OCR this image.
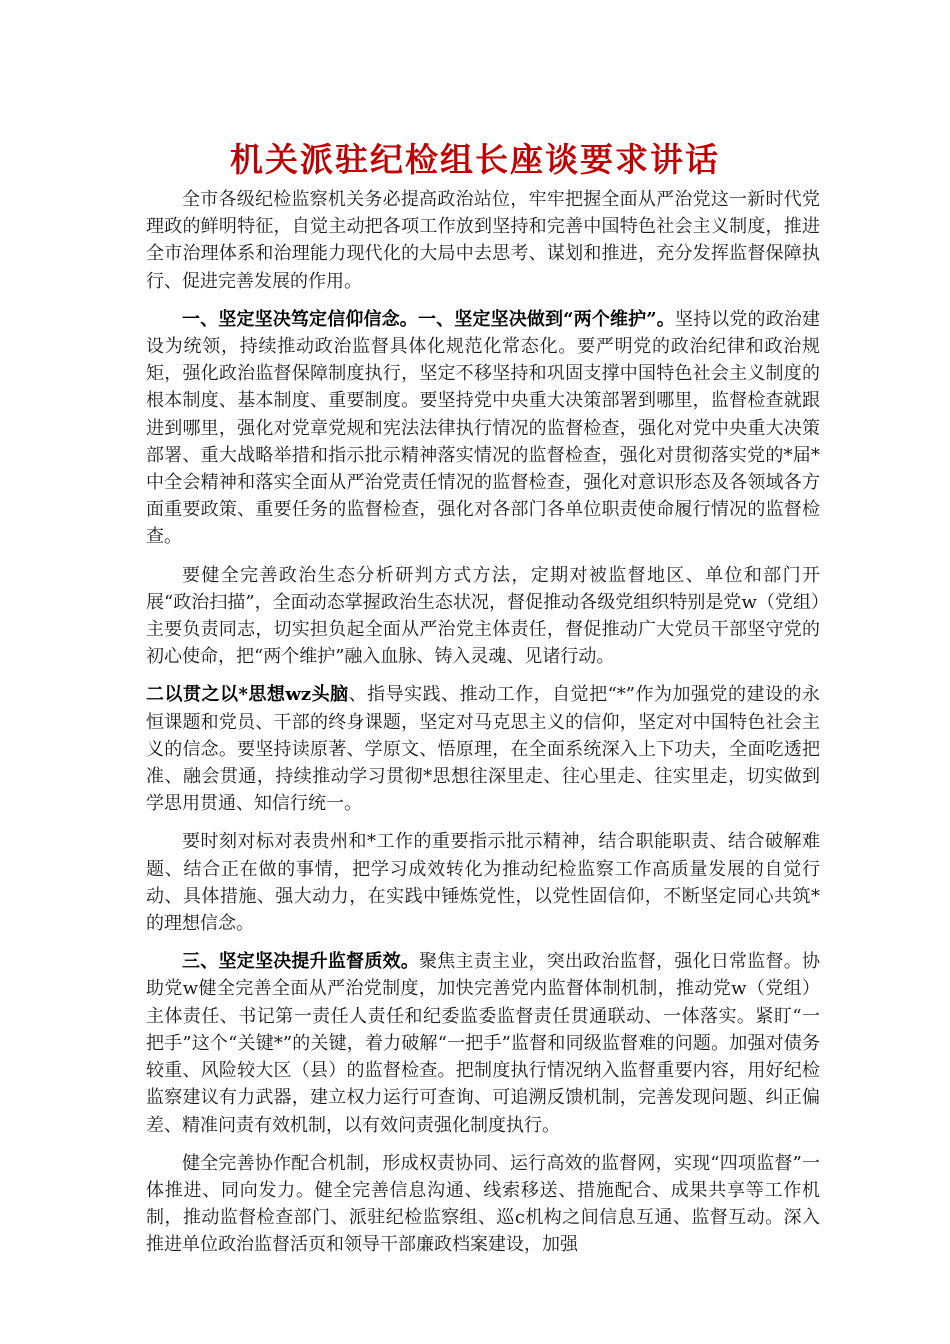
机关派驻纪检组长座谈要求讲话

全市各级纪检监察机关务必提高政治站位，牢牢把握全面从严治党这一新时代党理政的鲜明特征，自觉主动把各项工作放到坚持和完善中国特色社会主义制度，推进全市治理体系和治理能力现代化的大局中去思考、谋划和推进，充分发挥监督保障执行、促进完善发展的作用。

一、坚定坚决笃定信仰信念。一、坚定坚决做到“两个维护”。坚持以党的政治建设为统领，持续推动政治监督具体化规范化常态化。要严明党的政治纪律和政治规矩，强化政治监督保障制度执行，坚定不移坚持和巩固支撑中国特色社会主义制度的根本制度、基本制度、重要制度。要坚持党中央重大决策部署到哪里，监督检查就跟进到哪里，强化对党章党规和宪法法律执行情况的监督检查，强化对党中央重大决策部署、重大战略举措和指示批示精神落实情况的监督检查，强化对贯彻落实党的*届*中全会精神和落实全面从严治党责任情况的监督检查，强化对意识形态及各领域各方面重要政策、重要任务的监督检查，强化对各部门各单位职责使命履行情况的监督检查。

要健全完善政治生态分析研判方式方法，定期对被监督地区、单位和部门开展“政治扫描”，全面动态掌握政治生态状况，督促推动各级党组织特别是党w（党组）主要负责同志，切实担负起全面从严治党主体责任，督促推动广大党员干部坚守党的初心使命，把“两个维护”融入血脉、铸入灵魂、见诸行动。

二以贯之以*思想wz头脑、指导实践、推动工作，自觉把“*”作为加强党的建设的永恒课题和党员、干部的终身课题，坚定对马克思主义的信仰，坚定对中国特色社会主义的信念。要坚持读原著、学原文、悟原理，在全面系统深入上下功夫，全面吃透把准、融会贯通，持续推动学习贯彻*思想往深里走、往心里走、往实里走，切实做到学思用贯通、知信行统一。

要时刻对标对表贵州和*工作的重要指示批示精神，结合职能职责、结合破解难题、结合正在做的事情，把学习成效转化为推动纪检监察工作高质量发展的自觉行动、具体措施、强大动力，在实践中锤炼党性，以党性固信仰，不断坚定同心共筑*的理想信念。

三、坚定坚决提升监督质效。聚焦主责主业，突出政治监督，强化日常监督。协助党w健全完善全面从严治党制度，加快完善党内监督体制机制，推动党w（党组）主体责任、书记第一责任人责任和纪委监委监督责任贯通联动、一体落实。紧盯“一把手”这个“关键*”的关键，着力破解“一把手”监督和同级监督难的问题。加强对债务较重、风险较大区（县）的监督检查。把制度执行情况纳入监督重要内容，用好纪检监察建议有力武器，建立权力运行可查询、可追溯反馈机制，完善发现问题、纠正偏差、精准问责有效机制，以有效问责强化制度执行。

健全完善协作配合机制，形成权责协同、运行高效的监督网，实现“四项监督”一体推进、同向发力。健全完善信息沟通、线索移送、措施配合、成果共享等工作机制，推动监督检查部门、派驻纪检监察组、巡c机构之间信息互通、监督互动。深入推进单位政治监督活页和领导干部廉政档案建设，加强
